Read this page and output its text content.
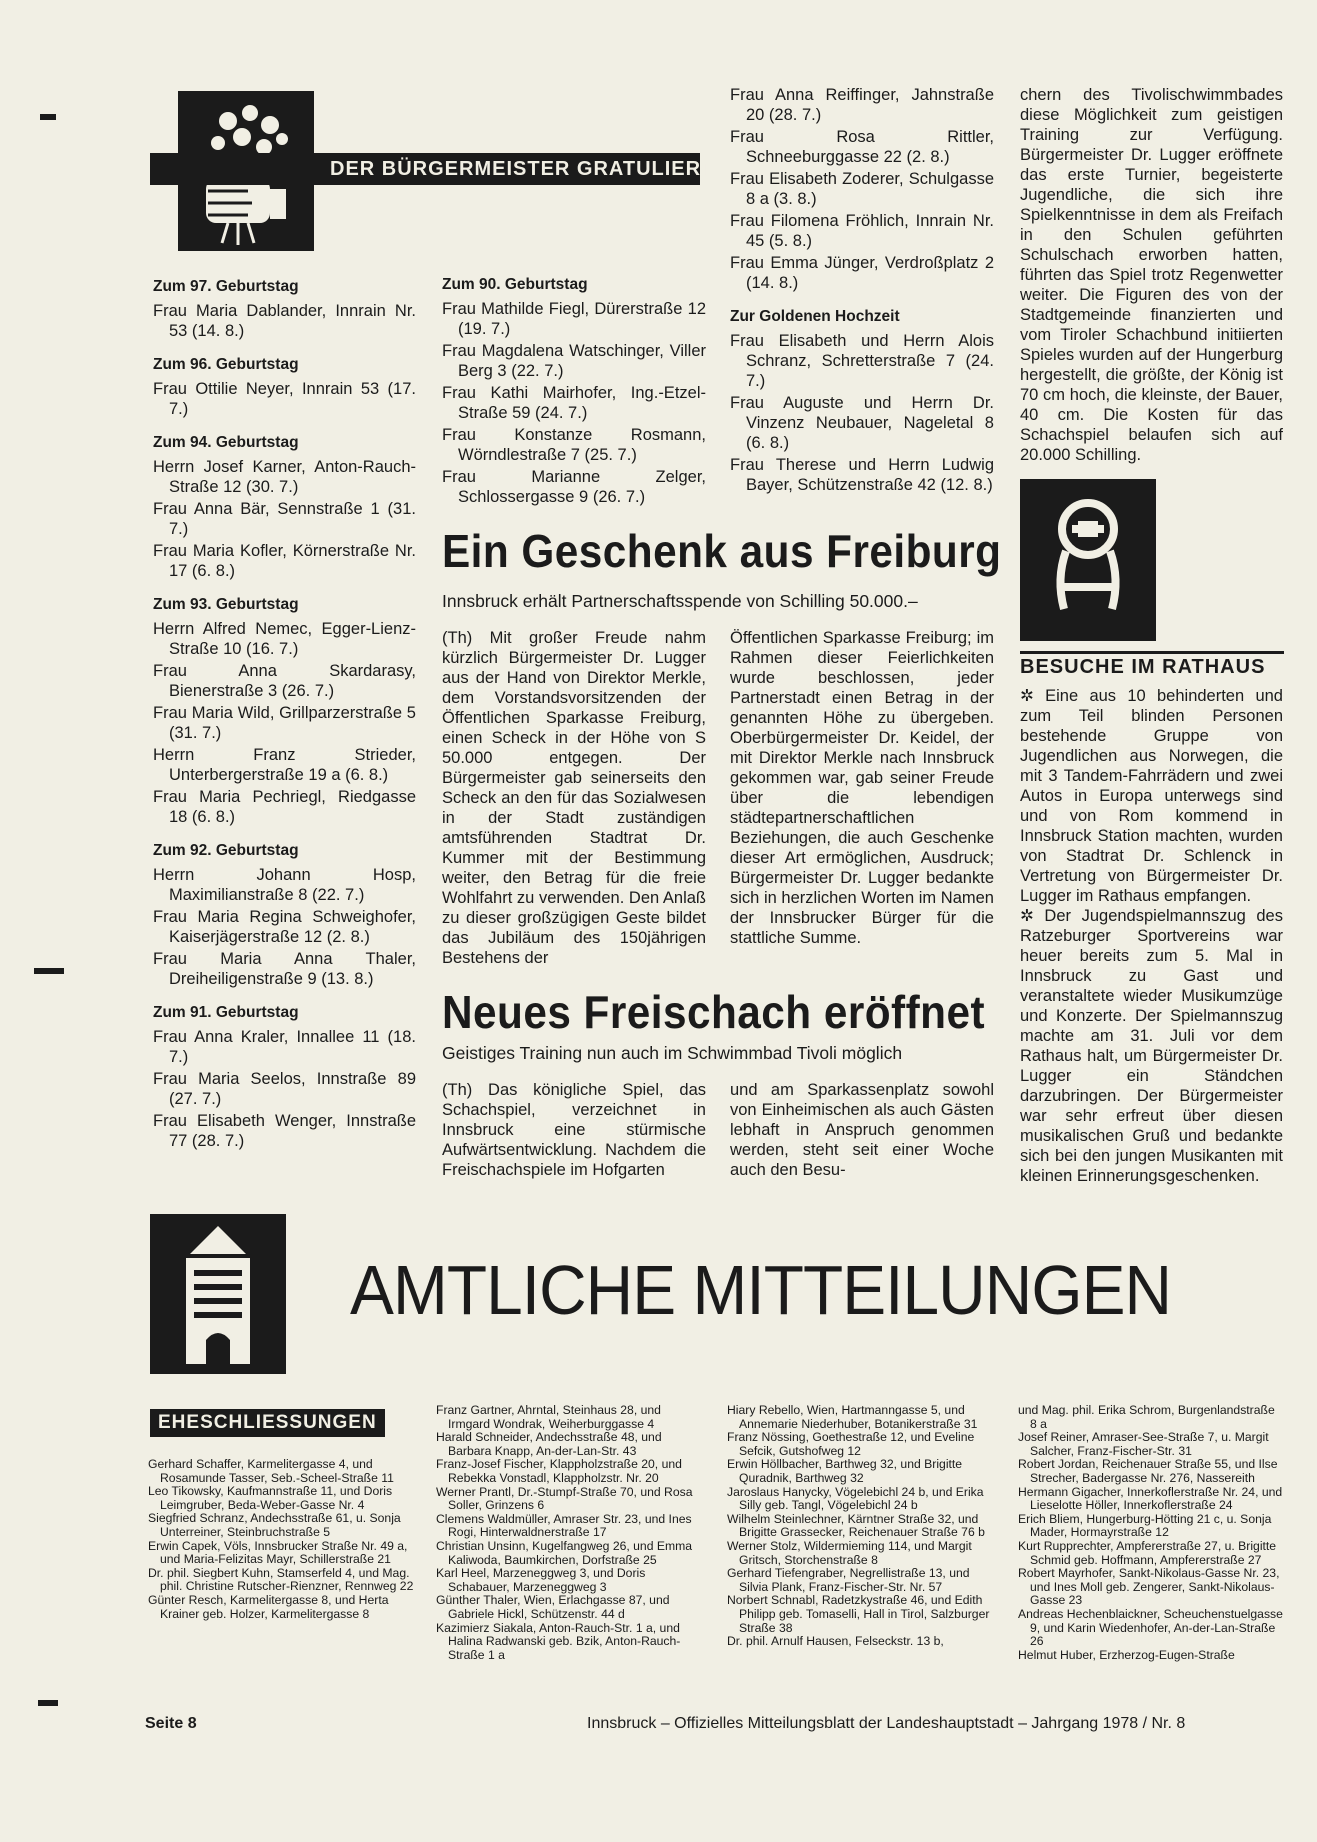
DER BÜRGERMEISTER GRATULIERTE

Zum 97. Geburtstag

Frau Maria Dablander, Innrain Nr. 53 (14. 8.)

Zum 96. Geburtstag

Frau Ottilie Neyer, Innrain 53 (17. 7.)

Zum 94. Geburtstag

Herrn Josef Karner, Anton-Rauch-Straße 12 (30. 7.)

Frau Anna Bär, Sennstraße 1 (31. 7.)

Frau Maria Kofler, Körnerstraße Nr. 17 (6. 8.)

Zum 93. Geburtstag

Herrn Alfred Nemec, Egger-Lienz-Straße 10 (16. 7.)

Frau Anna Skardarasy, Bienerstraße 3 (26. 7.)

Frau Maria Wild, Grillparzerstraße 5 (31. 7.)

Herrn Franz Strieder, Unterbergerstraße 19 a (6. 8.)

Frau Maria Pechriegl, Riedgasse 18 (6. 8.)

Zum 92. Geburtstag

Herrn Johann Hosp, Maximilianstraße 8 (22. 7.)

Frau Maria Regina Schweighofer, Kaiserjägerstraße 12 (2. 8.)

Frau Maria Anna Thaler, Dreiheiligenstraße 9 (13. 8.)

Zum 91. Geburtstag

Frau Anna Kraler, Innallee 11 (18. 7.)

Frau Maria Seelos, Innstraße 89 (27. 7.)

Frau Elisabeth Wenger, Innstraße 77 (28. 7.)

Zum 90. Geburtstag

Frau Mathilde Fiegl, Dürerstraße 12 (19. 7.)

Frau Magdalena Watschinger, Viller Berg 3 (22. 7.)

Frau Kathi Mairhofer, Ing.-Etzel-Straße 59 (24. 7.)

Frau Konstanze Rosmann, Wörndlestraße 7 (25. 7.)

Frau Marianne Zelger, Schlossergasse 9 (26. 7.)

Frau Anna Reiffinger, Jahnstraße 20 (28. 7.)

Frau Rosa Rittler, Schneeburggasse 22 (2. 8.)

Frau Elisabeth Zoderer, Schulgasse 8 a (3. 8.)

Frau Filomena Fröhlich, Innrain Nr. 45 (5. 8.)

Frau Emma Jünger, Verdroßplatz 2 (14. 8.)

Zur Goldenen Hochzeit

Frau Elisabeth und Herrn Alois Schranz, Schretterstraße 7 (24. 7.)

Frau Auguste und Herrn Dr. Vinzenz Neubauer, Nageletal 8 (6. 8.)

Frau Therese und Herrn Ludwig Bayer, Schützenstraße 42 (12. 8.)

chern des Tivolischwimmbades diese Möglichkeit zum geistigen Training zur Verfügung. Bürgermeister Dr. Lugger eröffnete das erste Turnier, begeisterte Jugendliche, die sich ihre Spielkenntnisse in dem als Freifach in den Schulen geführten Schulschach erworben hatten, führten das Spiel trotz Regenwetter weiter. Die Figuren des von der Stadtgemeinde finanzierten und vom Tiroler Schachbund initiierten Spieles wurden auf der Hungerburg hergestellt, die größte, der König ist 70 cm hoch, die kleinste, der Bauer, 40 cm. Die Kosten für das Schachspiel belaufen sich auf 20.000 Schilling.
BESUCHE IM RATHAUS

✲ Eine aus 10 behinderten und zum Teil blinden Personen bestehende Gruppe von Jugendlichen aus Norwegen, die mit 3 Tandem-Fahrrädern und zwei Autos in Europa unterwegs sind und von Rom kommend in Innsbruck Station machten, wurden von Stadtrat Dr. Schlenck in Vertretung von Bürgermeister Dr. Lugger im Rathaus empfangen.

✲ Der Jugendspielmannszug des Ratzeburger Sportvereins war heuer bereits zum 5. Mal in Innsbruck zu Gast und veranstaltete wieder Musikumzüge und Konzerte. Der Spielmannszug machte am 31. Juli vor dem Rathaus halt, um Bürgermeister Dr. Lugger ein Ständchen darzubringen. Der Bürgermeister war sehr erfreut über diesen musikalischen Gruß und bedankte sich bei den jungen Musikanten mit kleinen Erinnerungsgeschenken.

Ein Geschenk aus Freiburg
Innsbruck erhält Partnerschaftsspende von Schilling 50.000.–
(Th) Mit großer Freude nahm kürzlich Bürgermeister Dr. Lugger aus der Hand von Direktor Merkle, dem Vorstandsvorsitzenden der Öffentlichen Sparkasse Freiburg, einen Scheck in der Höhe von S 50.000 entgegen. Der Bürgermeister gab seinerseits den Scheck an den für das Sozialwesen in der Stadt zuständigen amtsführenden Stadtrat Dr. Kummer mit der Bestimmung weiter, den Betrag für die freie Wohlfahrt zu verwenden. Den Anlaß zu dieser großzügigen Geste bildet das Jubiläum des 150jährigen Bestehens der
Öffentlichen Sparkasse Freiburg; im Rahmen dieser Feierlichkeiten wurde beschlossen, jeder Partnerstadt einen Betrag in der genannten Höhe zu übergeben. Oberbürgermeister Dr. Keidel, der mit Direktor Merkle nach Innsbruck gekommen war, gab seiner Freude über die lebendigen städtepartnerschaftlichen Beziehungen, die auch Geschenke dieser Art ermöglichen, Ausdruck; Bürgermeister Dr. Lugger bedankte sich in herzlichen Worten im Namen der Innsbrucker Bürger für die stattliche Summe.
Neues Freischach eröffnet
Geistiges Training nun auch im Schwimmbad Tivoli möglich
(Th) Das königliche Spiel, das Schachspiel, verzeichnet in Innsbruck eine stürmische Aufwärtsentwicklung. Nachdem die Freischachspiele im Hofgarten
und am Sparkassenplatz sowohl von Einheimischen als auch Gästen lebhaft in Anspruch genommen werden, steht seit einer Woche auch den Besu-
AMTLICHE MITTEILUNGEN
EHESCHLIESSUNGEN

Gerhard Schaffer, Karmelitergasse 4, und Rosamunde Tasser, Seb.-Scheel-Straße 11

Leo Tikowsky, Kaufmannstraße 11, und Doris Leimgruber, Beda-Weber-Gasse Nr. 4

Siegfried Schranz, Andechsstraße 61, u. Sonja Unterreiner, Steinbruchstraße 5

Erwin Capek, Völs, Innsbrucker Straße Nr. 49 a, und Maria-Felizitas Mayr, Schillerstraße 21

Dr. phil. Siegbert Kuhn, Stamserfeld 4, und Mag. phil. Christine Rutscher-Rienzner, Rennweg 22

Günter Resch, Karmelitergasse 8, und Herta Krainer geb. Holzer, Karmelitergasse 8

Franz Gartner, Ahrntal, Steinhaus 28, und Irmgard Wondrak, Weiherburggasse 4

Harald Schneider, Andechsstraße 48, und Barbara Knapp, An-der-Lan-Str. 43

Franz-Josef Fischer, Klappholzstraße 20, und Rebekka Vonstadl, Klappholzstr. Nr. 20

Werner Prantl, Dr.-Stumpf-Straße 70, und Rosa Soller, Grinzens 6

Clemens Waldmüller, Amraser Str. 23, und Ines Rogi, Hinterwaldnerstraße 17

Christian Unsinn, Kugelfangweg 26, und Emma Kaliwoda, Baumkirchen, Dorfstraße 25

Karl Heel, Marzeneggweg 3, und Doris Schabauer, Marzeneggweg 3

Günther Thaler, Wien, Erlachgasse 87, und Gabriele Hickl, Schützenstr. 44 d

Kazimierz Siakala, Anton-Rauch-Str. 1 a, und Halina Radwanski geb. Bzik, Anton-Rauch-Straße 1 a

Hiary Rebello, Wien, Hartmanngasse 5, und Annemarie Niederhuber, Botanikerstraße 31

Franz Nössing, Goethestraße 12, und Eveline Sefcik, Gutshofweg 12

Erwin Höllbacher, Barthweg 32, und Brigitte Quradnik, Barthweg 32

Jaroslaus Hanycky, Vögelebichl 24 b, und Erika Silly geb. Tangl, Vögelebichl 24 b

Wilhelm Steinlechner, Kärntner Straße 32, und Brigitte Grassecker, Reichenauer Straße 76 b

Werner Stolz, Wildermieming 114, und Margit Gritsch, Storchenstraße 8

Gerhard Tiefengraber, Negrellistraße 13, und Silvia Plank, Franz-Fischer-Str. Nr. 57

Norbert Schnabl, Radetzkystraße 46, und Edith Philipp geb. Tomaselli, Hall in Tirol, Salzburger Straße 38

Dr. phil. Arnulf Hausen, Felseckstr. 13 b,

und Mag. phil. Erika Schrom, Burgenlandstraße 8 a

Josef Reiner, Amraser-See-Straße 7, u. Margit Salcher, Franz-Fischer-Str. 31

Robert Jordan, Reichenauer Straße 55, und Ilse Strecher, Badergasse Nr. 276, Nassereith

Hermann Gigacher, Innerkoflerstraße Nr. 24, und Lieselotte Höller, Innerkoflerstraße 24

Erich Bliem, Hungerburg-Hötting 21 c, u. Sonja Mader, Hormayrstraße 12

Kurt Rupprechter, Ampfererstraße 27, u. Brigitte Schmid geb. Hoffmann, Ampfererstraße 27

Robert Mayrhofer, Sankt-Nikolaus-Gasse Nr. 23, und Ines Moll geb. Zengerer, Sankt-Nikolaus-Gasse 23

Andreas Hechenblaickner, Scheuchenstuelgasse 9, und Karin Wiedenhofer, An-der-Lan-Straße 26

Helmut Huber, Erzherzog-Eugen-Straße

Seite 8	Innsbruck – Offizielles Mitteilungsblatt der Landeshauptstadt – Jahrgang 1978 / Nr. 8
